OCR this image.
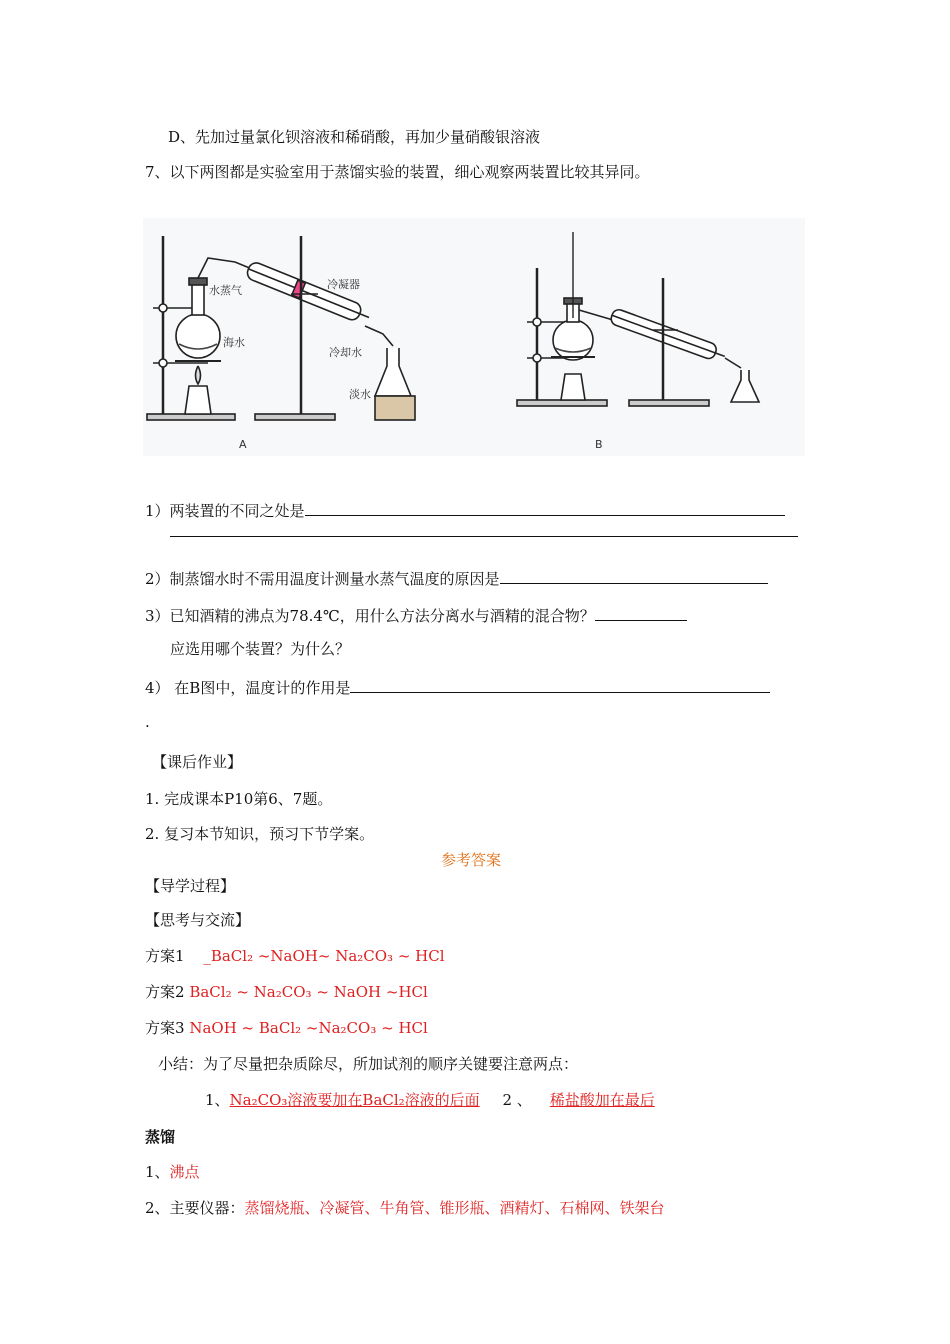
D、先加过量氯化钡溶液和稀硝酸，再加少量硝酸银溶液
7、以下两图都是实验室用于蒸馏实验的装置，细心观察两装置比较其异同。
水蒸气	冷凝器
海水
冷却水
淡水
A	B
1）两装置的不同之处是
2）制蒸馏水时不需用温度计测量水蒸气温度的原因是
3）已知酒精的沸点为78.4℃，用什么方法分离水与酒精的混合物？
应选用哪个装置？为什么？
4） 在B图中，温度计的作用是
.
【课后作业】
1. 完成课本P10第6、7题。
2. 复习本节知识，预习下节学案。
参考答案
【导学过程】
【思考与交流】
方案1 _BaCl₂ ~NaOH~ Na₂CO₃ ~ HCl
方案2 BaCl₂ ~ Na₂CO₃ ~ NaOH ~HCl
方案3 NaOH ~ BaCl₂ ~Na₂CO₃ ~ HCl
小结：为了尽量把杂质除尽，所加试剂的顺序关键要注意两点：
1、Na₂CO₃溶液要加在BaCl₂溶液的后面 2 、 稀盐酸加在最后
蒸馏
1、沸点
2、主要仪器：蒸馏烧瓶、冷凝管、牛角管、锥形瓶、酒精灯、石棉网、铁架台
